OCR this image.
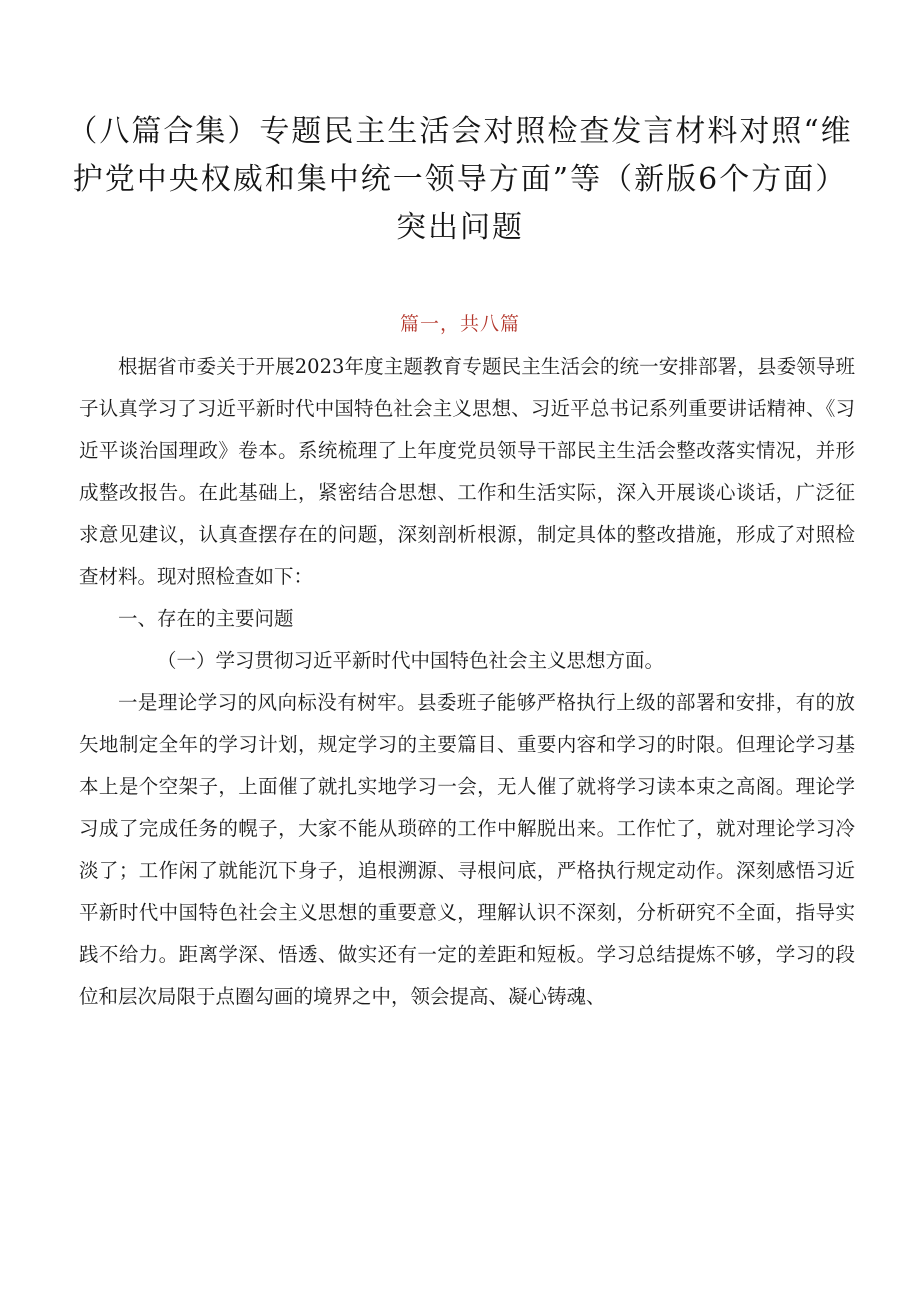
（八篇合集）专题民主生活会对照检查发言材料对照“维护党中央权威和集中统一领导方面”等（新版6个方面）突出问题
篇一，共八篇

根据省市委关于开展2023年度主题教育专题民主生活会的统一安排部署，县委领导班子认真学习了习近平新时代中国特色社会主义思想、习近平总书记系列重要讲话精神、《习近平谈治国理政》卷本。系统梳理了上年度党员领导干部民主生活会整改落实情况，并形成整改报告。在此基础上，紧密结合思想、工作和生活实际，深入开展谈心谈话，广泛征求意见建议，认真查摆存在的问题，深刻剖析根源，制定具体的整改措施，形成了对照检查材料。现对照检查如下：

一、存在的主要问题

（一）学习贯彻习近平新时代中国特色社会主义思想方面。

一是理论学习的风向标没有树牢。县委班子能够严格执行上级的部署和安排，有的放矢地制定全年的学习计划，规定学习的主要篇目、重要内容和学习的时限。但理论学习基本上是个空架子，上面催了就扎实地学习一会，无人催了就将学习读本束之高阁。理论学习成了完成任务的幌子，大家不能从琐碎的工作中解脱出来。工作忙了，就对理论学习冷淡了；工作闲了就能沉下身子，追根溯源、寻根问底，严格执行规定动作。深刻感悟习近平新时代中国特色社会主义思想的重要意义，理解认识不深刻，分析研究不全面，指导实践不给力。距离学深、悟透、做实还有一定的差距和短板。学习总结提炼不够，学习的段位和层次局限于点圈勾画的境界之中，领会提高、凝心铸魂、
